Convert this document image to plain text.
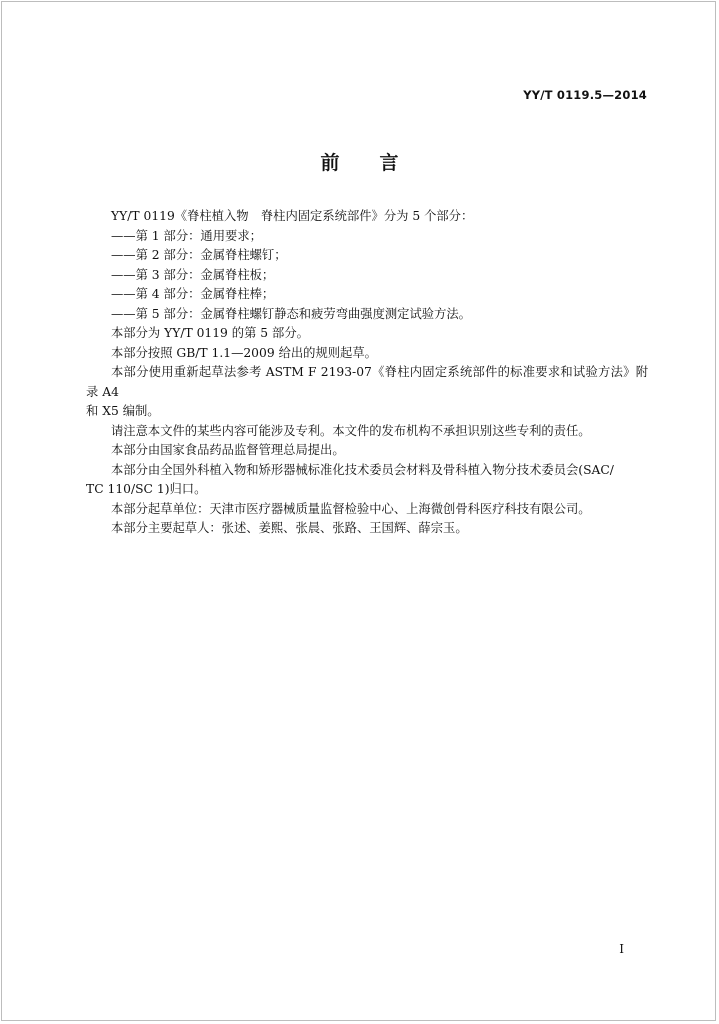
YY/T 0119.5—2014
前言

YY/T 0119《脊柱植入物　脊柱内固定系统部件》分为 5 个部分：

——第 1 部分：通用要求；

——第 2 部分：金属脊柱螺钉；

——第 3 部分：金属脊柱板；

——第 4 部分：金属脊柱棒；

——第 5 部分：金属脊柱螺钉静态和疲劳弯曲强度测定试验方法。

本部分为 YY/T 0119 的第 5 部分。

本部分按照 GB/T 1.1—2009 给出的规则起草。

本部分使用重新起草法参考 ASTM F 2193-07《脊柱内固定系统部件的标准要求和试验方法》附录 A4

和 X5 编制。

请注意本文件的某些内容可能涉及专利。本文件的发布机构不承担识别这些专利的责任。

本部分由国家食品药品监督管理总局提出。

本部分由全国外科植入物和矫形器械标准化技术委员会材料及骨科植入物分技术委员会(SAC/

TC 110/SC 1)归口。

本部分起草单位：天津市医疗器械质量监督检验中心、上海微创骨科医疗科技有限公司。

本部分主要起草人：张述、姜熙、张晨、张路、王国辉、薛宗玉。

I
